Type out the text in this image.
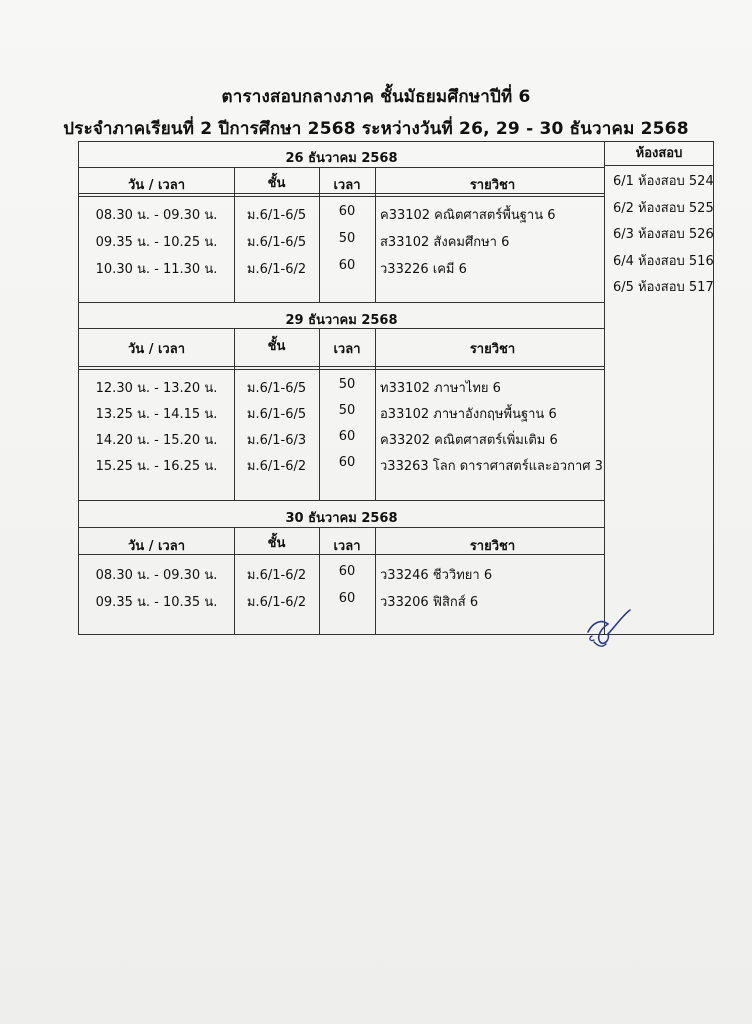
ตารางสอบกลางภาค ชั้นมัธยมศึกษาปีที่ 6
ประจำภาคเรียนที่ 2 ปีการศึกษา 2568 ระหว่างวันที่ 26, 29 - 30 ธันวาคม 2568
26 ธันวาคม 2568
วัน / เวลา	ชั้น	เวลา	รายวิชา
08.30 น. - 09.30 น.	ม.6/1-6/5	60	ค33102 คณิตศาสตร์พื้นฐาน 6
09.35 น. - 10.25 น.	ม.6/1-6/5	50	ส33102 สังคมศึกษา 6
10.30 น. - 11.30 น.	ม.6/1-6/2	60	ว33226 เคมี 6
29 ธันวาคม 2568
วัน / เวลา	ชั้น	เวลา	รายวิชา
12.30 น. - 13.20 น.	ม.6/1-6/5	50	ท33102 ภาษาไทย 6
13.25 น. - 14.15 น.	ม.6/1-6/5	50	อ33102 ภาษาอังกฤษพื้นฐาน 6
14.20 น. - 15.20 น.	ม.6/1-6/3	60	ค33202 คณิตศาสตร์เพิ่มเติม 6
15.25 น. - 16.25 น.	ม.6/1-6/2	60	ว33263 โลก ดาราศาสตร์และอวกาศ 3
30 ธันวาคม 2568
วัน / เวลา	ชั้น	เวลา	รายวิชา
08.30 น. - 09.30 น.	ม.6/1-6/2	60	ว33246 ชีววิทยา 6
09.35 น. - 10.35 น.	ม.6/1-6/2	60	ว33206 ฟิสิกส์ 6
ห้องสอบ
6/1 ห้องสอบ 524
6/2 ห้องสอบ 525
6/3 ห้องสอบ 526
6/4 ห้องสอบ 516
6/5 ห้องสอบ 517
